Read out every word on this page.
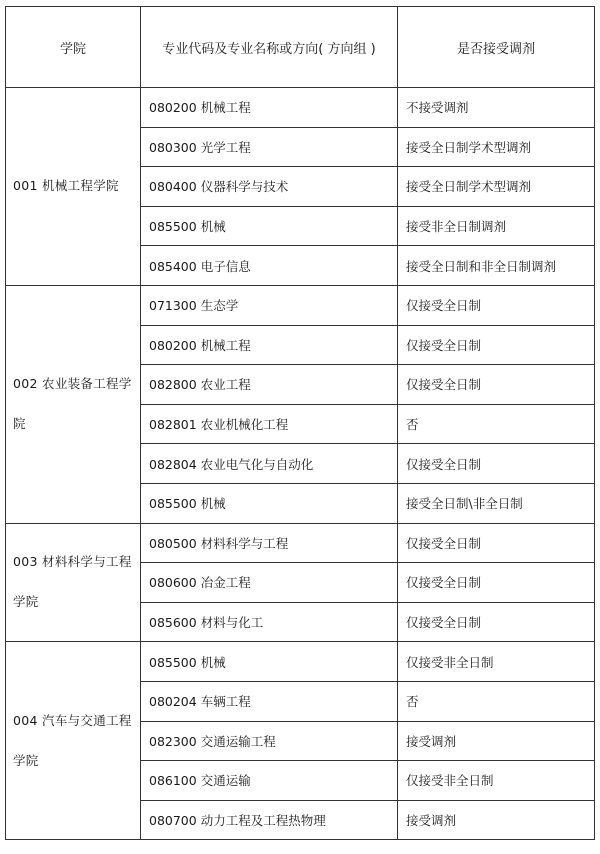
学院	专业代码及专业名称或方向( 方向组 )	是否接受调剂
001 机械工程学院	080200 机械工程	不接受调剂
	080300 光学工程	接受全日制学术型调剂
	080400 仪器科学与技术	接受全日制学术型调剂
	085500 机械	接受非全日制调剂
	085400 电子信息	接受全日制和非全日制调剂
002 农业装备工程学院	071300 生态学	仅接受全日制
	080200 机械工程	仅接受全日制
	082800 农业工程	仅接受全日制
	082801 农业机械化工程	否
	082804 农业电气化与自动化	仅接受全日制
	085500 机械	接受全日制\非全日制
003 材料科学与工程学院	080500 材料科学与工程	仅接受全日制
	080600 冶金工程	仅接受全日制
	085600 材料与化工	仅接受全日制
004 汽车与交通工程学院	085500 机械	仅接受非全日制
	080204 车辆工程	否
	082300 交通运输工程	接受调剂
	086100 交通运输	仅接受非全日制
	080700 动力工程及工程热物理	接受调剂
